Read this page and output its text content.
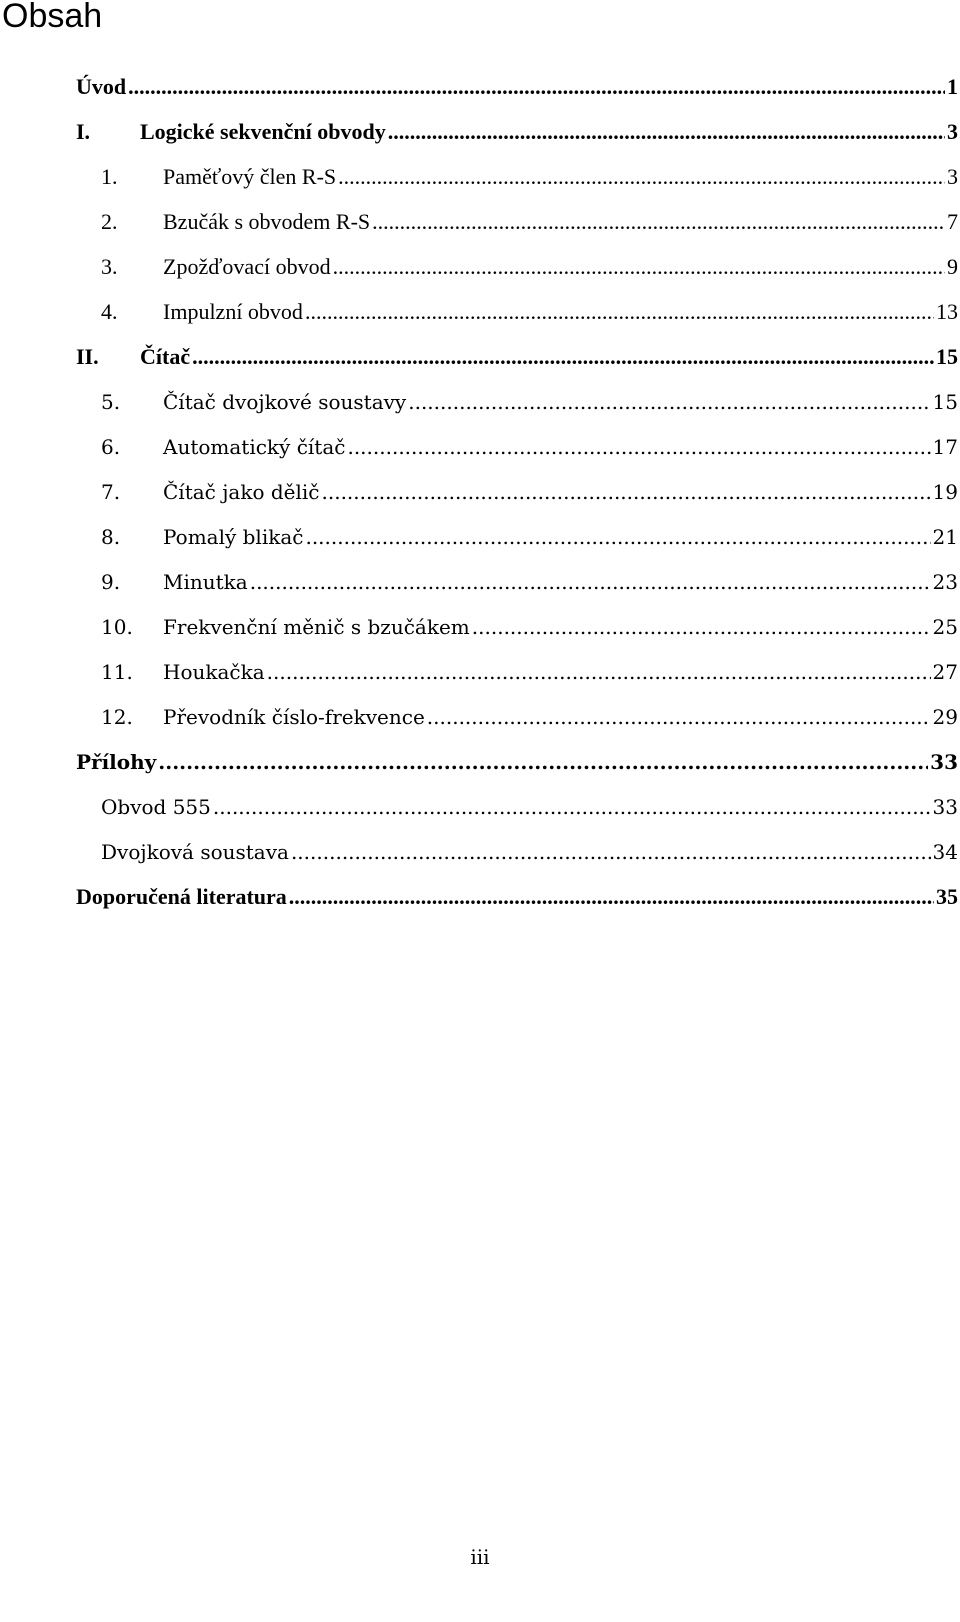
Obsah
Úvod .....	1
I.	Logické sekvenční obvody .....	3
1.	Paměťový člen R-S .....	3
2.	Bzučák s obvodem R-S .....	7
3.	Zpožďovací obvod .....	9
4.	Impulzní obvod .....	13
II.	Čítač .....	15
5.	Čítač dvojkové soustavy .....	15
6.	Automatický čítač .....	17
7.	Čítač jako dělič .....	19
8.	Pomalý blikač .....	21
9.	Minutka .....	23
10.	Frekvenční měnič s bzučákem .....	25
11.	Houkačka .....	27
12.	Převodník číslo-frekvence .....	29
Přílohy .....	33
Obvod 555 .....	33
Dvojková soustava .....	34
Doporučená literatura .....	35
iii
